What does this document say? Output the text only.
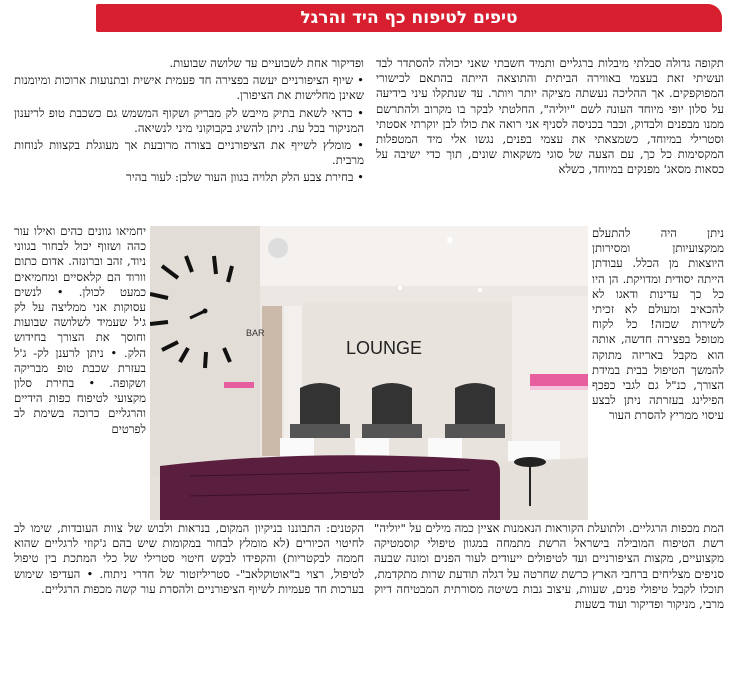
טיפים לטיפוח כף היד והרגל

תקופה גדולה סבלתי מיבלות ברגליים ותמיד חשבתי שאני יכולה להסתדר לבד ועשיתי זאת בעצמי באווירה הביתית והתוצאה הייתה בהתאם לכישורי המפוקפקים. אך ההליכה נעשתה מציקה יותר ויותר. עד שנתקלו עיני בידיעה על סלון יופי מיוחד העונה לשם "יוליה", החלטתי לבקר בו מקרוב ולהתרשם ממנו מבפנים ולבדוק, וכבר בכניסה לסניף אני רואה את כולו לבן יוקרתי אסטתי וסטרילי במיוחד, כשמצאתי את עצמי בפנים, נגשו אלי מיד המטפלות המקסימות כל כך, עם הצעה של סוגי משקאות שונים, תוך כדי ישיבה על כסאות מסאג' מפנקים במיוחד, כשלא

ופדיקור אחת לשבועיים עד שלושה שבועות.

• שיוף הציפורניים יעשה בפצירה חד פעמית אישית ובתנועות ארוכות ומיומנות שאינן מחלישות את הציפורן.

• כדאי לשאת בתיק מייבש לק מבריק ושקוף המשמש גם כשכבת טופ לריענון המניקור בכל עת. ניתן להשיג בקבוקוני מיני לנשיאה.

• מומלץ לשייף את הציפורניים בצורה מרובעת אך מעוגלת בקצוות לנוחות מרבית.

• בחירת צבע הלק תלויה בגוון העור שלכן: לעור בהיר

יחמיאו גוונים כהים ואילו עור כהה ושזוף יכול לבחור בגווני ניוד, זהב וברונזה. אדום כתום וורוד הם קלאסיים ומחמיאים כמעט לכולן. • לנשים עסוקות אני ממליצה על לק ג'ל שעמיד לשלושה שבועות וחוסך את הצורך בחידוש הלק. • ניתן לרענן לק- ג'ל בעזרת שכבת טופ מבריקה ושקופה. • בחירת סלון מקצועי לטיפוח כפות הידיים והרגליים כרוכה בשימת לב לפרטים
ניתן היה להתעלם ממקצועיותן ומסירותן היוצאות מן הכלל. עבודתן הייתה יסודית ומדויקת. הן היו כל כך עדינות ודאגו לא להכאיב ומעולם לא זכיתי לשירות שכזה! כל לקוח מטופל בפצירה חדשה, אותה הוא מקבל באריזה מתוקה להמשך הטיפול בבית במידת הצורך, כנ"ל גם לגבי כפכף הפילינג בעזרתה ניתן לבצע עיסוי ממריץ להסרת העור
LOUNGE
BAR
המת מכפות הרגליים. ולתועלת הקוראות הנאמנות אציין כמה מילים על "יוליה" רשת הטיפוח המובילה בישראל הרשת מתמחה במגוון טיפולי קוסמטיקה מקצועיים, מקצות הציפורניים ועד לטיפולים ייעודים לעור הפנים ומונה שבעה סניפים מצליחים ברחבי הארץ כרשת שחרטה על דגלה תודעת שרות מתקדמת, תוכלו לקבל טיפולי פנים, שעוות, עיצוב גבות בשיטה מסורתית המבטיחה דיוק מרבי, מניקור ופדיקור ועוד בשעות
הקטנים: התבוננו בניקיון המקום, בנראות ולבוש של צוות העובדות, שימו לב לחיטוי הכיורים (לא מומלץ לבחור במקומות שיש בהם ג'קוזי לרגליים שהוא חממה לבקטריות) והקפידו לבקש חיטוי סטרילי של כלי המתכת בין טיפול לטיפול, רצוי ב"אוטוקלאב"- סטריליזטור של חדרי ניתוח. • העדיפו שימוש בערכות חד פעמיות לשיוף הציפורניים ולהסרת עור קשה מכפות הרגליים.
